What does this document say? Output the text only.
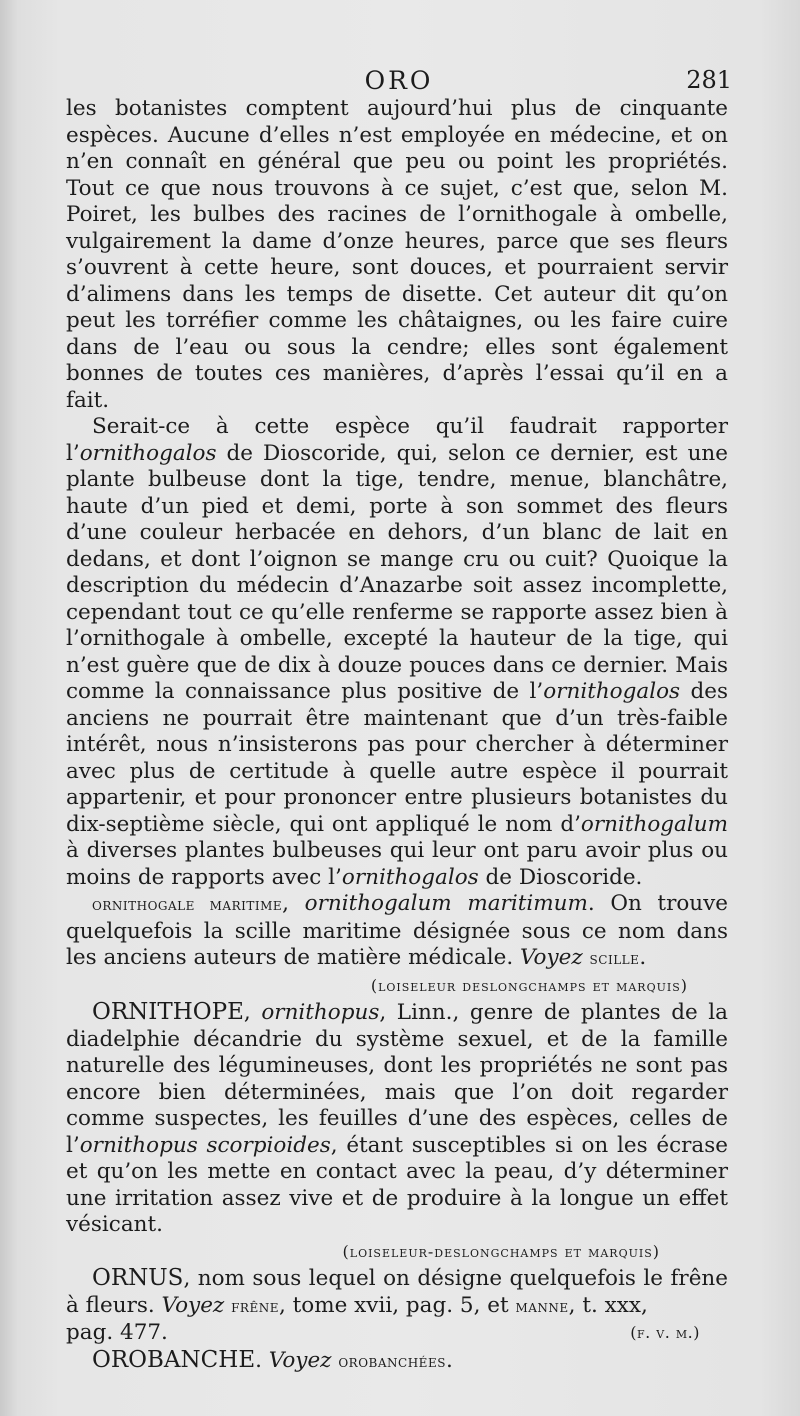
ORO	281

les botanistes comptent aujourd’hui plus de cinquante espèces. Aucune d’elles n’est employée en médecine, et on n’en connaît en général que peu ou point les propriétés. Tout ce que nous trouvons à ce sujet, c’est que, selon M. Poiret, les bulbes des racines de l’ornithogale à ombelle, vulgairement la dame d’onze heures, parce que ses fleurs s’ouvrent à cette heure, sont douces, et pourraient servir d’alimens dans les temps de disette. Cet auteur dit qu’on peut les torréfier comme les châtaignes, ou les faire cuire dans de l’eau ou sous la cendre; elles sont également bonnes de toutes ces manières, d’après l’essai qu’il en a fait.

Serait-ce à cette espèce qu’il faudrait rapporter l’ornithogalos de Dioscoride, qui, selon ce dernier, est une plante bulbeuse dont la tige, tendre, menue, blanchâtre, haute d’un pied et demi, porte à son sommet des fleurs d’une couleur herbacée en dehors, d’un blanc de lait en dedans, et dont l’oignon se mange cru ou cuit? Quoique la description du médecin d’Anazarbe soit assez incomplette, cependant tout ce qu’elle renferme se rapporte assez bien à l’ornithogale à ombelle, excepté la hauteur de la tige, qui n’est guère que de dix à douze pouces dans ce dernier. Mais comme la connaissance plus positive de l’ornithogalos des anciens ne pourrait être maintenant que d’un très-faible intérêt, nous n’insisterons pas pour chercher à déterminer avec plus de certitude à quelle autre espèce il pourrait appartenir, et pour prononcer entre plusieurs botanistes du dix-septième siècle, qui ont appliqué le nom d’ornithogalum à diverses plantes bulbeuses qui leur ont paru avoir plus ou moins de rapports avec l’ornithogalos de Dioscoride.

ornithogale maritime, ornithogalum maritimum. On trouve quelquefois la scille maritime désignée sous ce nom dans les anciens auteurs de matière médicale. Voyez scille.

(loiseleur deslongchamps et marquis)

ORNITHOPE, ornithopus, Linn., genre de plantes de la diadelphie décandrie du système sexuel, et de la famille naturelle des légumineuses, dont les propriétés ne sont pas encore bien déterminées, mais que l’on doit regarder comme suspectes, les feuilles d’une des espèces, celles de l’ornithopus scorpioides, étant susceptibles si on les écrase et qu’on les mette en contact avec la peau, d’y déterminer une irritation assez vive et de produire à la longue un effet vésicant.

(loiseleur-deslongchamps et marquis)

ORNUS, nom sous lequel on désigne quelquefois le frêne à fleurs. Voyez frêne, tome xvii, pag. 5, et manne, t. xxx,

pag. 477.	(f. v. m.)

OROBANCHE. Voyez orobanchées.
